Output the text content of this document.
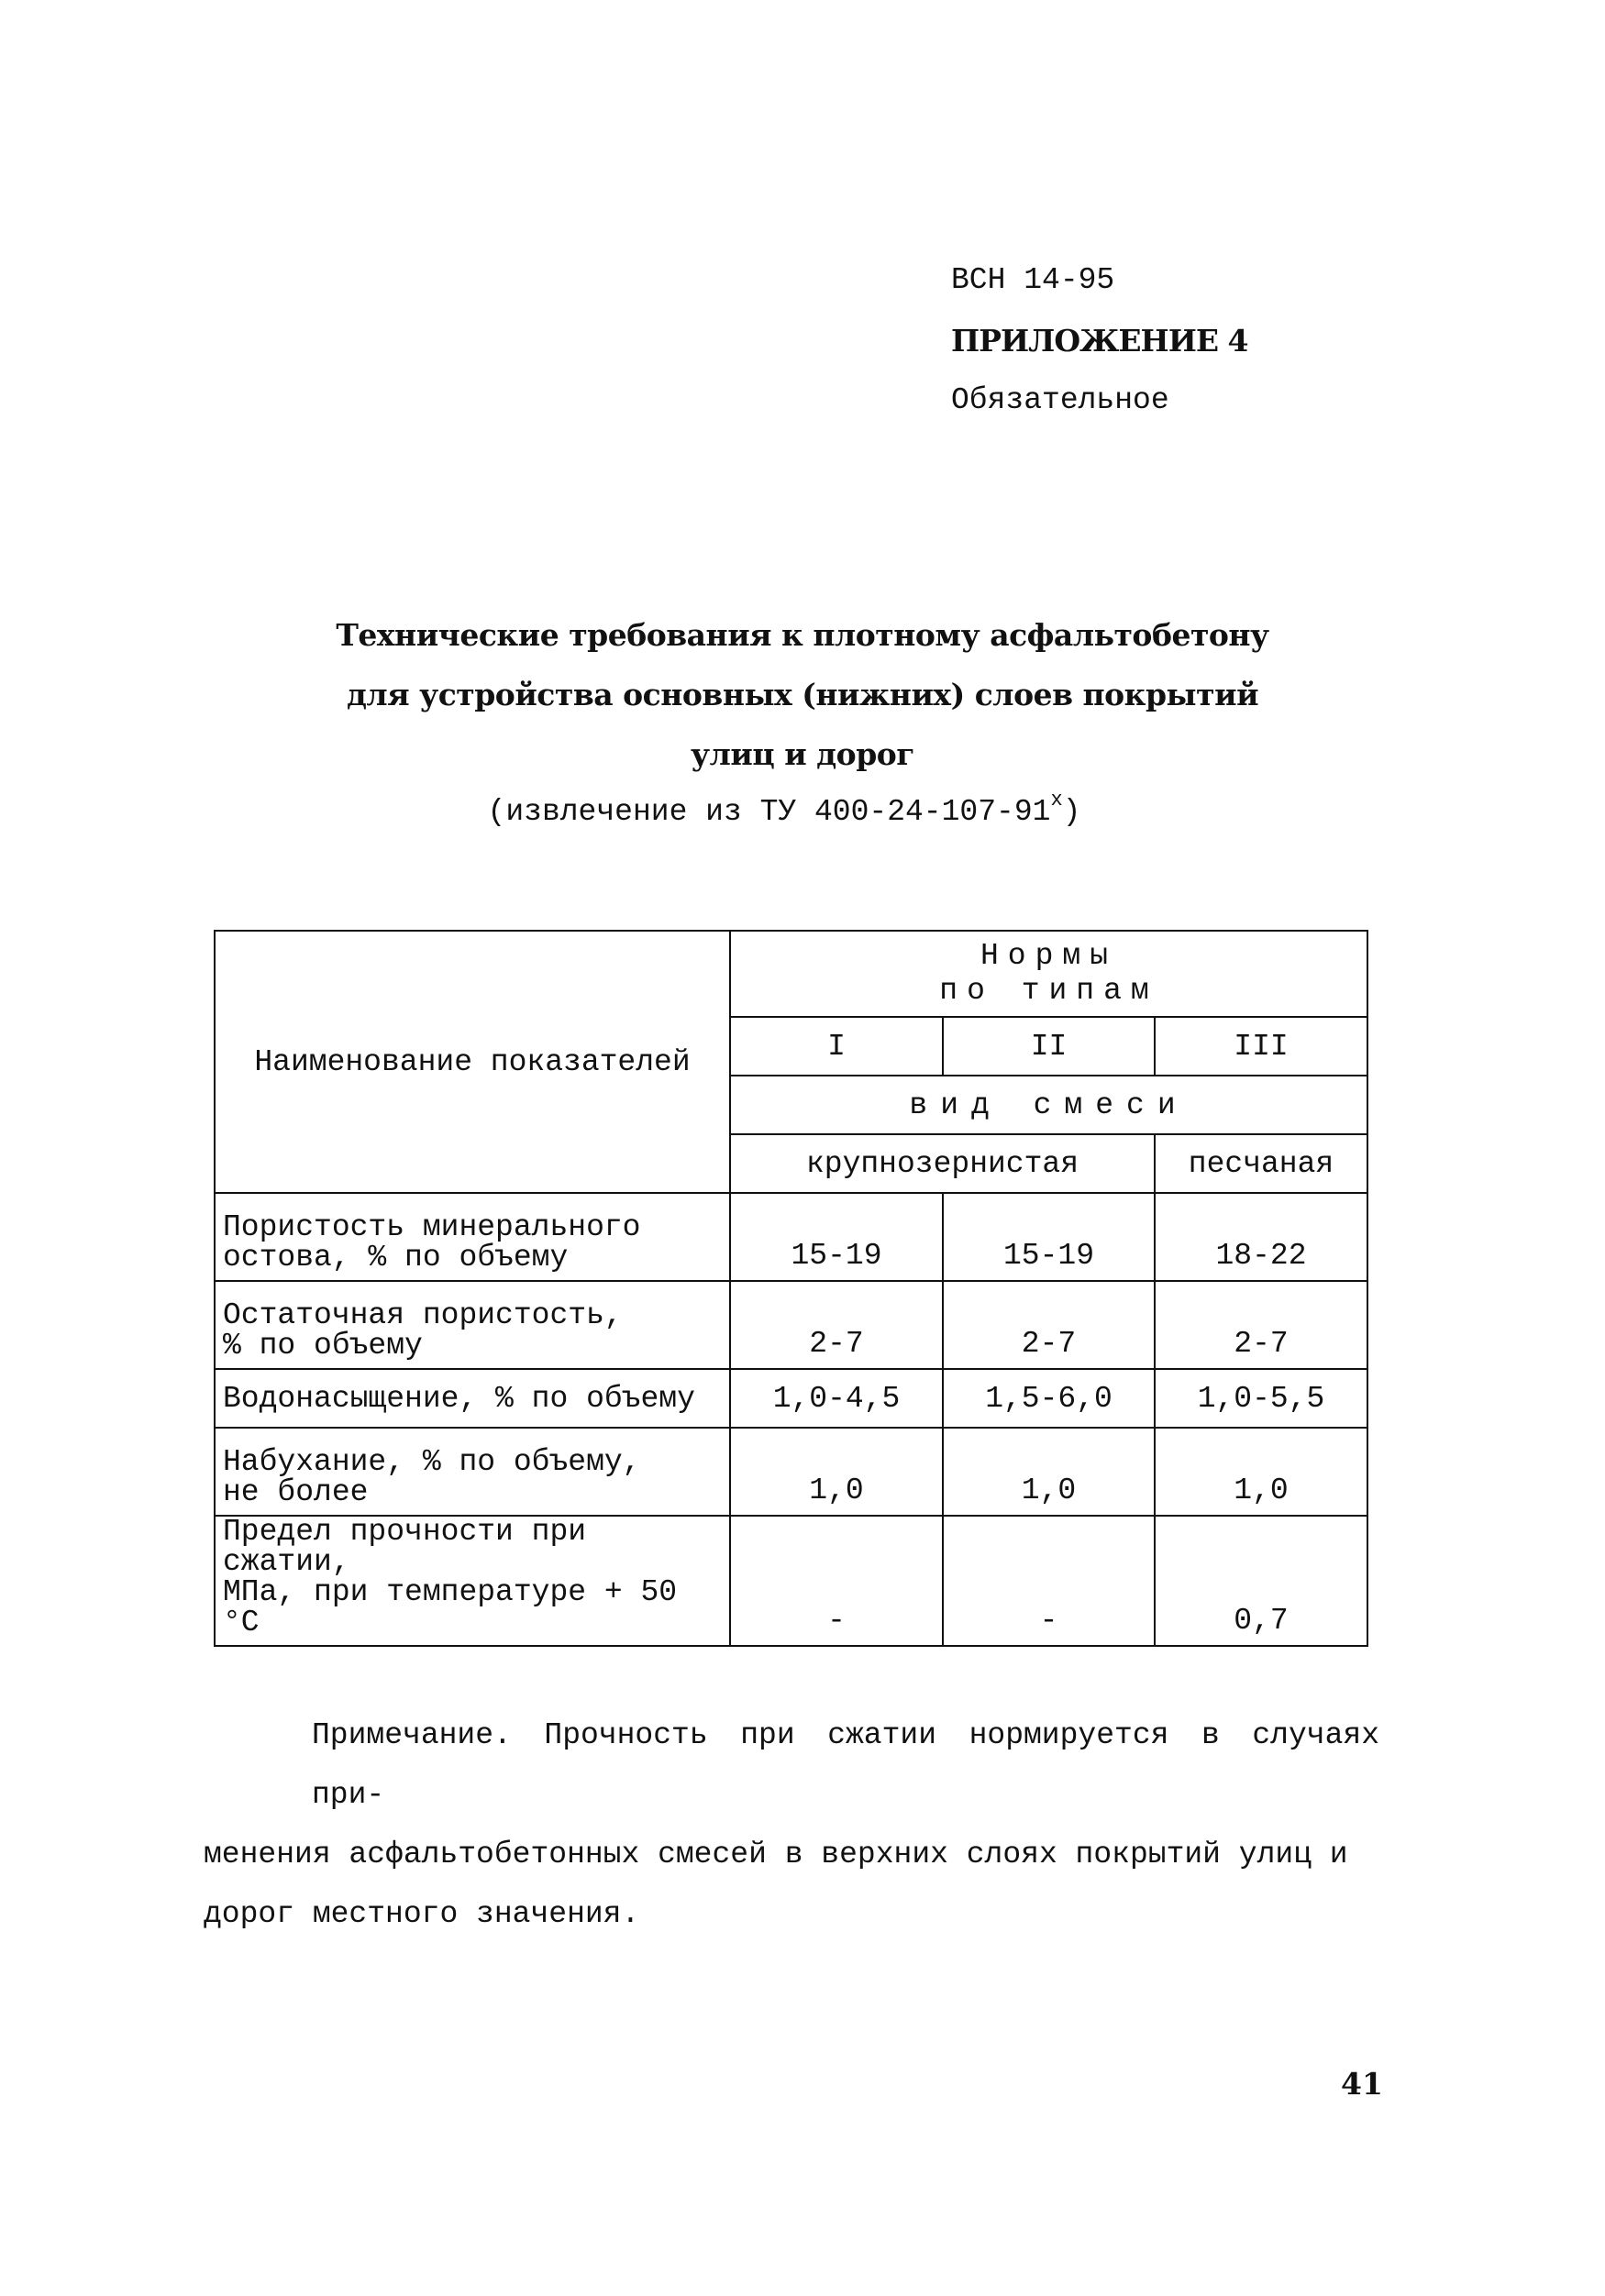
ВСН 14-95
ПРИЛОЖЕНИЕ 4
Обязательное
Технические требования к плотному асфальтобетону
для устройства основных (нижних) слоев покрытий
улиц и дорог
(извлечение из ТУ 400-24-107-91$^x$)
Наименование показателей	Нормы
по типам		

	I	II	III
	вид смеси		
	крупнозернистая		песчаная

Пористость минерального
остова, % по объему	15-19	15-19	18-22

Остаточная пористость,
% по объему	2-7	2-7	2-7

Водонасыщение, % по объему	1,0-4,5	1,5-6,0	1,0-5,5

Набухание, % по объему,
не более	1,0	1,0	1,0

Предел прочности при сжатии,
МПа, при температуре + 50 °С	-	-	0,7
Примечание. Прочность при сжатии нормируется в случаях при-
менения асфальтобетонных смесей в верхних слоях покрытий улиц и
дорог местного значения.
41
